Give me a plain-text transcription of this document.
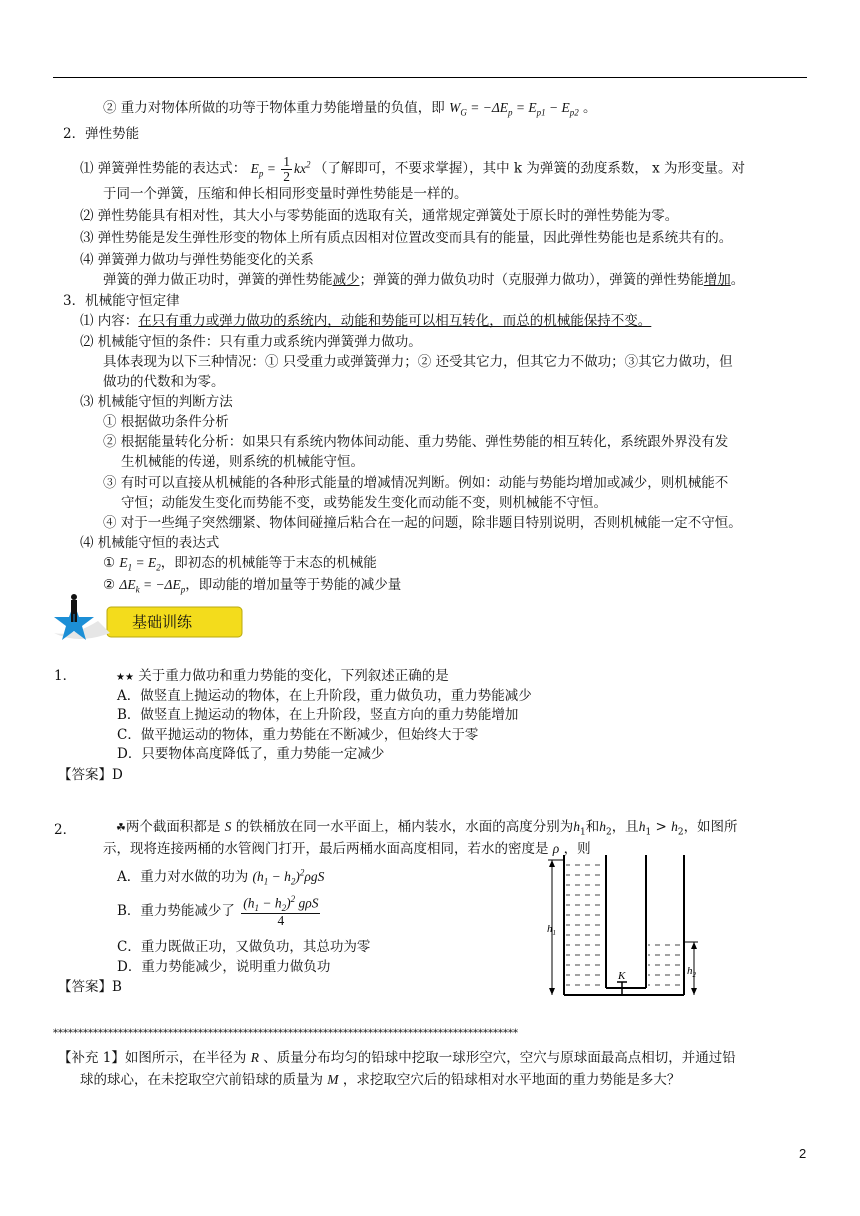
② 重力对物体所做的功等于物体重力势能增量的负值，即 $W_G = -\Delta E_p = E_{p1} - E_{p2}$ 。
2．弹性势能
⑴ 弹簧弹性势能的表达式： $E_p = \frac{1}{2} kx^2$ （了解即可，不要求掌握），其中 k 为弹簧的劲度系数， x 为形变量。对
于同一个弹簧，压缩和伸长相同形变量时弹性势能是一样的。
⑵ 弹性势能具有相对性，其大小与零势能面的选取有关，通常规定弹簧处于原长时的弹性势能为零。
⑶ 弹性势能是发生弹性形变的物体上所有质点因相对位置改变而具有的能量，因此弹性势能也是系统共有的。
⑷ 弹簧弹力做功与弹性势能变化的关系
弹簧的弹力做正功时，弹簧的弹性势能减少；弹簧的弹力做负功时（克服弹力做功），弹簧的弹性势能增加。
3．机械能守恒定律
⑴ 内容：在只有重力或弹力做功的系统内，动能和势能可以相互转化，而总的机械能保持不变。
⑵ 机械能守恒的条件：只有重力或系统内弹簧弹力做功。
具体表现为以下三种情况：① 只受重力或弹簧弹力；② 还受其它力，但其它力不做功；③其它力做功，但
做功的代数和为零。
⑶ 机械能守恒的判断方法
① 根据做功条件分析
② 根据能量转化分析：如果只有系统内物体间动能、重力势能、弹性势能的相互转化，系统跟外界没有发
生机械能的传递，则系统的机械能守恒。
③ 有时可以直接从机械能的各种形式能量的增减情况判断。例如：动能与势能均增加或减少，则机械能不
守恒；动能发生变化而势能不变，或势能发生变化而动能不变，则机械能不守恒。
④ 对于一些绳子突然绷紧、物体间碰撞后粘合在一起的问题，除非题目特别说明，否则机械能一定不守恒。
⑷ 机械能守恒的表达式
① $E_1 = E_2$，即初态的机械能等于末态的机械能
② $\Delta E_k = -\Delta E_p$，即动能的增加量等于势能的减少量
基础训练
1．	★★ 关于重力做功和重力势能的变化，下列叙述正确的是
A．做竖直上抛运动的物体，在上升阶段，重力做负功，重力势能减少
B．做竖直上抛运动的物体，在上升阶段，竖直方向的重力势能增加
C．做平抛运动的物体，重力势能在不断减少，但始终大于零
D．只要物体高度降低了，重力势能一定减少
【答案】D
2．	☘两个截面积都是 S 的铁桶放在同一水平面上，桶内装水，水面的高度分别为$h_1$和$h_2$，且$h_1 > h_2$，如图所
示，现将连接两桶的水管阀门打开，最后两桶水面高度相同，若水的密度是 ρ ，则
A．重力对水做的功为 $(h_1 - h_2)^2\rho gS$
B．重力势能减少了 $\frac{(h_1 - h_2)^2 g\rho S}{4}$
C．重力既做正功，又做负功，其总功为零
D．重力势能减少，说明重力做负功
【答案】B
K
$h_1$
$h_2$
*********************************************************************************************
【补充 1】如图所示，在半径为 R 、质量分布均匀的铅球中挖取一球形空穴，空穴与原球面最高点相切，并通过铅
球的球心，在未挖取空穴前铅球的质量为 M ，求挖取空穴后的铅球相对水平地面的重力势能是多大？
2
